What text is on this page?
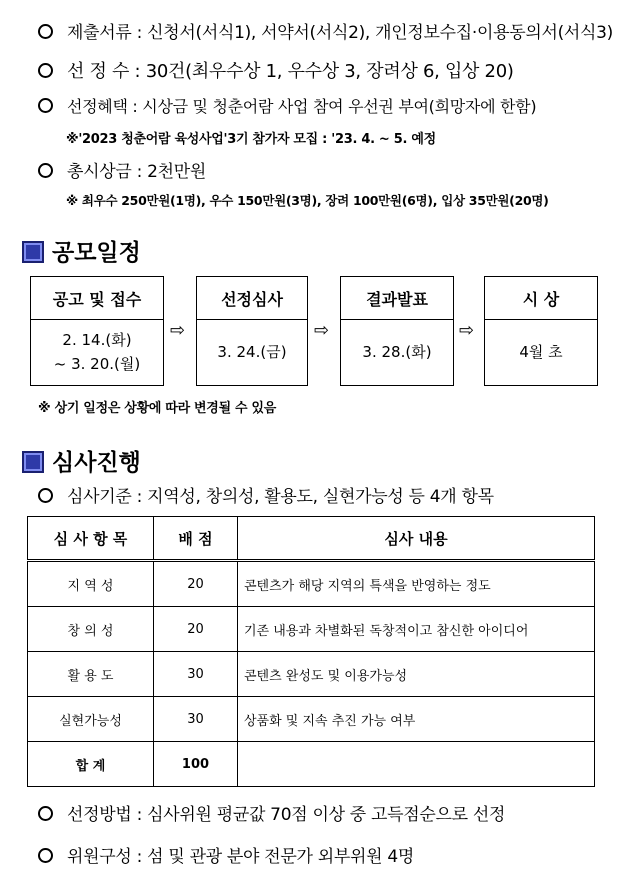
제출서류 : 신청서(서식1), 서약서(서식2), 개인정보수집·이용동의서(서식3)
선 정 수 : 30건(최우수상 1, 우수상 3, 장려상 6, 입상 20)
선정혜택 : 시상금 및 청춘어람 사업 참여 우선권 부여(희망자에 한함)
※'2023 청춘어람 육성사업'3기 참가자 모집 : '23. 4. ~ 5. 예정
총시상금 : 2천만원
※ 최우수 250만원(1명), 우수 150만원(3명), 장려 100만원(6명), 입상 35만원(20명)
공모일정
공고 및 접수
2. 14.(화)
~ 3. 20.(월)
⇨
선정심사
3. 24.(금)
⇨
결과발표
3. 28.(화)
⇨
시 상
4월 초
※ 상기 일정은 상황에 따라 변경될 수 있음
심사진행
심사기준 : 지역성, 창의성, 활용도, 실현가능성 등 4개 항목
심 사 항 목	배 점	심사 내용
지 역 성	20	콘텐츠가 해당 지역의 특색을 반영하는 정도
창 의 성	20	기존 내용과 차별화된 독창적이고 참신한 아이디어
활 용 도	30	콘텐츠 완성도 및 이용가능성
실현가능성	30	상품화 및 지속 추진 가능 여부
합 계	100	
선정방법 : 심사위원 평균값 70점 이상 중 고득점순으로 선정
위원구성 : 섬 및 관광 분야 전문가 외부위원 4명
